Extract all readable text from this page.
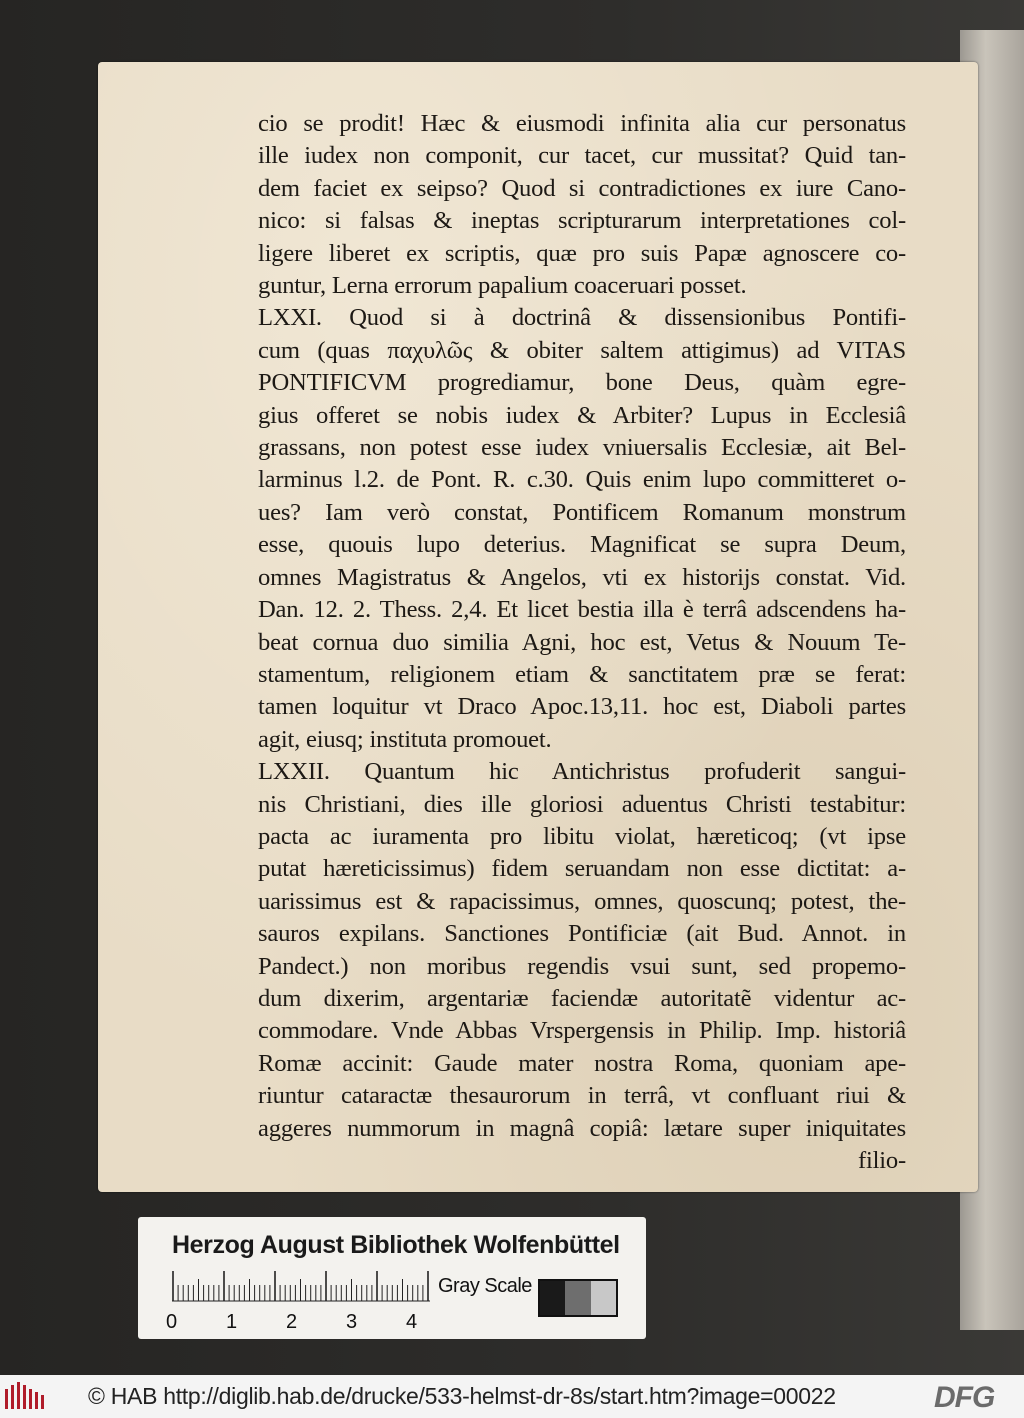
cio se prodit! Hæc & eiusmodi infinita alia cur personatus
ille iudex non componit, cur tacet, cur mussitat? Quid tan-
dem faciet ex seipso? Quod si contradictiones ex iure Cano-
nico: si falsas & ineptas scripturarum interpretationes col-
ligere liberet ex scriptis, quæ pro suis Papæ agnoscere co-
guntur, Lerna errorum papalium coaceruari posset.
LXXI. Quod si à doctrinâ & dissensionibus Pontifi-
cum (quas παχυλῶς & obiter saltem attigimus) ad VITAS
PONTIFICVM progrediamur, bone Deus, quàm egre-
gius offeret se nobis iudex & Arbiter? Lupus in Ecclesiâ
grassans, non potest esse iudex vniuersalis Ecclesiæ, ait Bel-
larminus l.2. de Pont. R. c.30. Quis enim lupo committeret o-
ues? Iam verò constat, Pontificem Romanum monstrum
esse, quouis lupo deterius. Magnificat se supra Deum,
omnes Magistratus & Angelos, vti ex historijs constat. Vid.
Dan. 12. 2. Thess. 2,4. Et licet bestia illa è terrâ adscendens ha-
beat cornua duo similia Agni, hoc est, Vetus & Nouum Te-
stamentum, religionem etiam & sanctitatem præ se ferat:
tamen loquitur vt Draco Apoc.13,11. hoc est, Diaboli partes
agit, eiusq; instituta promouet.
LXXII. Quantum hic Antichristus profuderit sangui-
nis Christiani, dies ille gloriosi aduentus Christi testabitur:
pacta ac iuramenta pro libitu violat, hæreticoq; (vt ipse
putat hæreticissimus) fidem seruandam non esse dictitat: a-
uarissimus est & rapacissimus, omnes, quoscunq; potest, the-
sauros expilans. Sanctiones Pontificiæ (ait Bud. Annot. in
Pandect.) non moribus regendis vsui sunt, sed propemo-
dum dixerim, argentariæ faciendæ autoritatẽ videntur ac-
commodare. Vnde Abbas Vrspergensis in Philip. Imp. historiâ
Romæ accinit: Gaude mater nostra Roma, quoniam ape-
riuntur cataractæ thesaurorum in terrâ, vt confluant riui &
aggeres nummorum in magnâ copiâ: lætare super iniquitates
filio-
Herzog August Bibliothek Wolfenbüttel
0 1 2 3 4
Gray Scale
© HAB http://diglib.hab.de/drucke/533-helmst-dr-8s/start.htm?image=00022	DFG
